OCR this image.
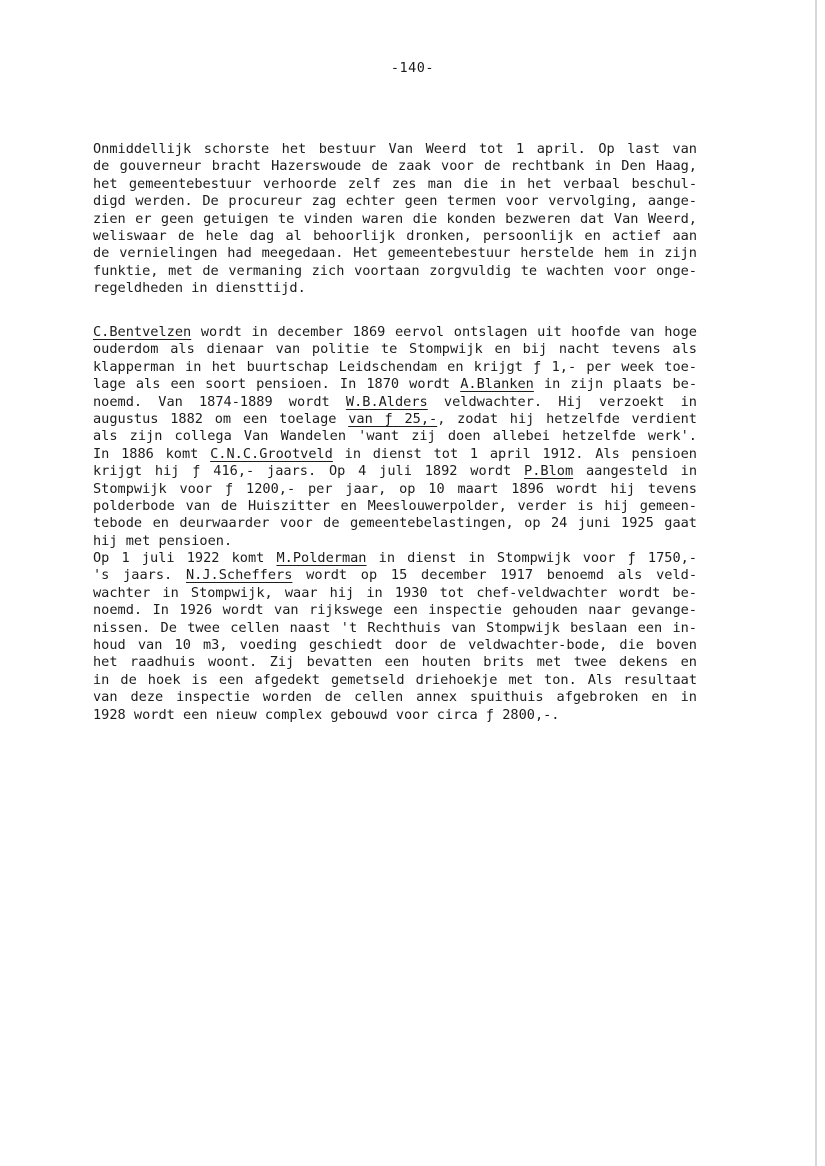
-140-
Onmiddellijk schorste het bestuur Van Weerd tot 1 april. Op last van
de gouverneur bracht Hazerswoude de zaak voor de rechtbank in Den Haag,
het gemeentebestuur verhoorde zelf zes man die in het verbaal beschul-
digd werden. De procureur zag echter geen termen voor vervolging, aange-
zien er geen getuigen te vinden waren die konden bezweren dat Van Weerd,
weliswaar de hele dag al behoorlijk dronken, persoonlijk en actief aan
de vernielingen had meegedaan. Het gemeentebestuur herstelde hem in zijn
funktie, met de vermaning zich voortaan zorgvuldig te wachten voor onge-
regeldheden in diensttijd.
C.Bentvelzen wordt in december 1869 eervol ontslagen uit hoofde van hoge
ouderdom als dienaar van politie te Stompwijk en bij nacht tevens als
klapperman in het buurtschap Leidschendam en krijgt ƒ 1,- per week toe-
lage als een soort pensioen. In 1870 wordt A.Blanken in zijn plaats be-
noemd. Van 1874-1889 wordt W.B.Alders veldwachter. Hij verzoekt in
augustus 1882 om een toelage van ƒ 25,-, zodat hij hetzelfde verdient
als zijn collega Van Wandelen 'want zij doen allebei hetzelfde werk'.
In 1886 komt C.N.C.Grootveld in dienst tot 1 april 1912. Als pensioen
krijgt hij ƒ 416,- jaars. Op 4 juli 1892 wordt P.Blom aangesteld in
Stompwijk voor ƒ 1200,- per jaar, op 10 maart 1896 wordt hij tevens
polderbode van de Huiszitter en Meeslouwerpolder, verder is hij gemeen-
tebode en deurwaarder voor de gemeentebelastingen, op 24 juni 1925 gaat
hij met pensioen.
Op 1 juli 1922 komt M.Polderman in dienst in Stompwijk voor ƒ 1750,-
's jaars. N.J.Scheffers wordt op 15 december 1917 benoemd als veld-
wachter in Stompwijk, waar hij in 1930 tot chef-veldwachter wordt be-
noemd. In 1926 wordt van rijkswege een inspectie gehouden naar gevange-
nissen. De twee cellen naast 't Rechthuis van Stompwijk beslaan een in-
houd van 10 m3, voeding geschiedt door de veldwachter-bode, die boven
het raadhuis woont. Zij bevatten een houten brits met twee dekens en
in de hoek is een afgedekt gemetseld driehoekje met ton. Als resultaat
van deze inspectie worden de cellen annex spuithuis afgebroken en in
1928 wordt een nieuw complex gebouwd voor circa ƒ 2800,-.
